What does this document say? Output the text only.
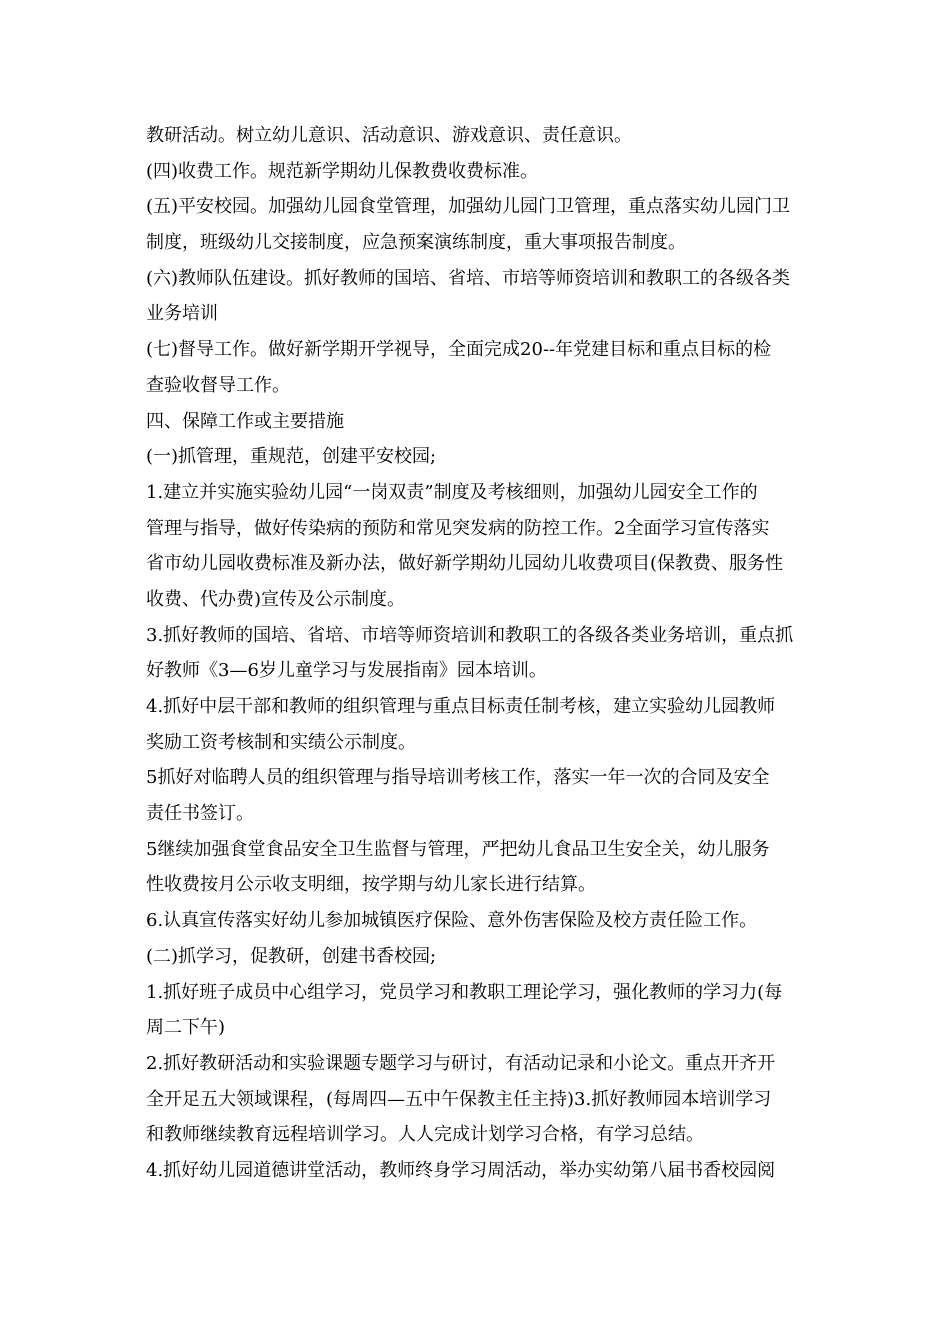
教研活动。树立幼儿意识、活动意识、游戏意识、责任意识。
(四)收费工作。规范新学期幼儿保教费收费标准。
(五)平安校园。加强幼儿园食堂管理，加强幼儿园门卫管理，重点落实幼儿园门卫
制度，班级幼儿交接制度，应急预案演练制度，重大事项报告制度。
(六)教师队伍建设。抓好教师的国培、省培、市培等师资培训和教职工的各级各类
业务培训
(七)督导工作。做好新学期开学视导，全面完成20--年党建目标和重点目标的检
查验收督导工作。
四、保障工作或主要措施
(一)抓管理，重规范，创建平安校园;
1.建立并实施实验幼儿园“一岗双责”制度及考核细则，加强幼儿园安全工作的
管理与指导，做好传染病的预防和常见突发病的防控工作。2全面学习宣传落实
省市幼儿园收费标准及新办法，做好新学期幼儿园幼儿收费项目(保教费、服务性
收费、代办费)宣传及公示制度。
3.抓好教师的国培、省培、市培等师资培训和教职工的各级各类业务培训，重点抓
好教师《3—6岁儿童学习与发展指南》园本培训。
4.抓好中层干部和教师的组织管理与重点目标责任制考核，建立实验幼儿园教师
奖励工资考核制和实绩公示制度。
5抓好对临聘人员的组织管理与指导培训考核工作，落实一年一次的合同及安全
责任书签订。
5继续加强食堂食品安全卫生监督与管理，严把幼儿食品卫生安全关，幼儿服务
性收费按月公示收支明细，按学期与幼儿家长进行结算。
6.认真宣传落实好幼儿参加城镇医疗保险、意外伤害保险及校方责任险工作。
(二)抓学习，促教研，创建书香校园;
1.抓好班子成员中心组学习，党员学习和教职工理论学习，强化教师的学习力(每
周二下午)
2.抓好教研活动和实验课题专题学习与研讨，有活动记录和小论文。重点开齐开
全开足五大领域课程，(每周四—五中午保教主任主持)3.抓好教师园本培训学习
和教师继续教育远程培训学习。人人完成计划学习合格，有学习总结。
4.抓好幼儿园道德讲堂活动，教师终身学习周活动，举办实幼第八届书香校园阅
